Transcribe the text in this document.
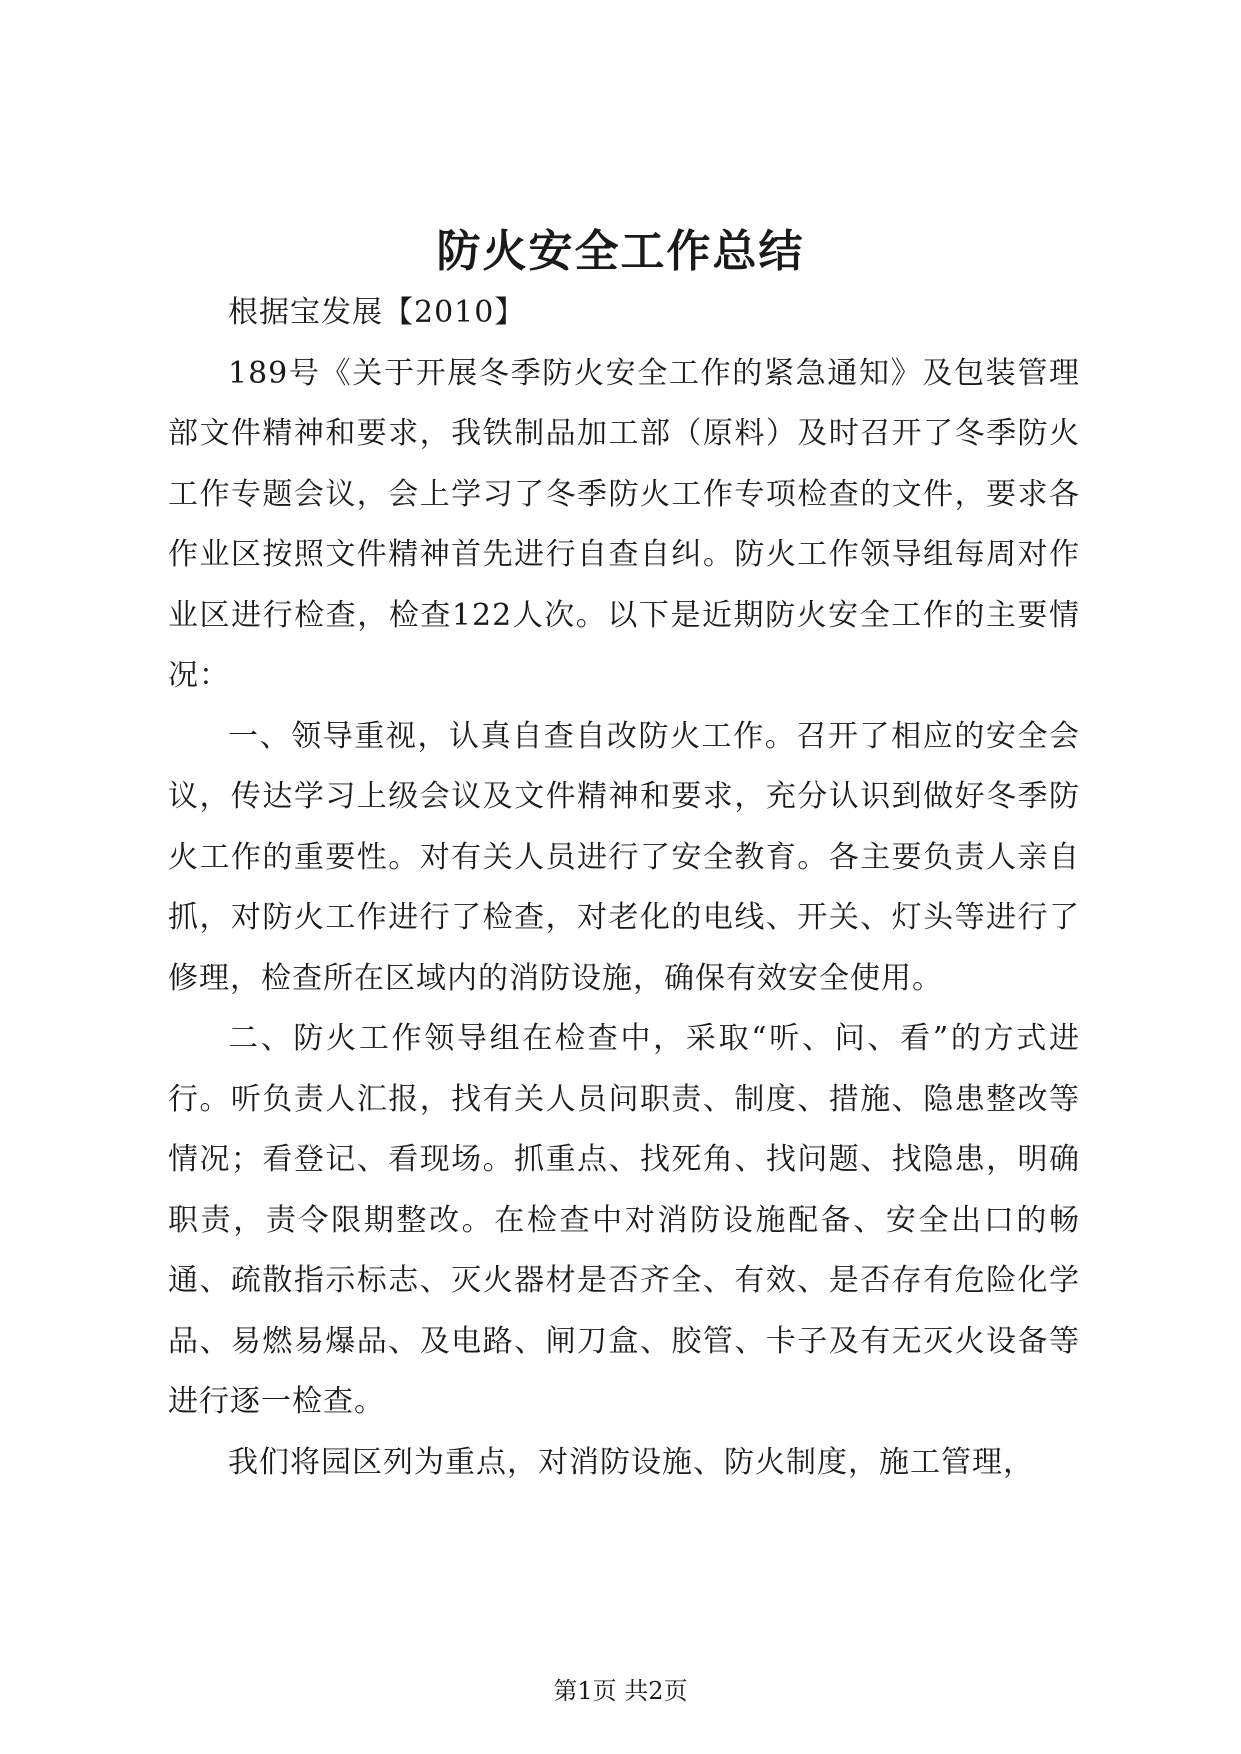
防火安全工作总结

根据宝发展【2010】

189号《关于开展冬季防火安全工作的紧急通知》及包装管理部文件精神和要求，我铁制品加工部（原料）及时召开了冬季防火工作专题会议，会上学习了冬季防火工作专项检查的文件，要求各作业区按照文件精神首先进行自查自纠。防火工作领导组每周对作业区进行检查，检查122人次。以下是近期防火安全工作的主要情况：

一、领导重视，认真自查自改防火工作。召开了相应的安全会议，传达学习上级会议及文件精神和要求，充分认识到做好冬季防火工作的重要性。对有关人员进行了安全教育。各主要负责人亲自抓，对防火工作进行了检查，对老化的电线、开关、灯头等进行了修理，检查所在区域内的消防设施，确保有效安全使用。

二、防火工作领导组在检查中，采取“听、问、看”的方式进行。听负责人汇报，找有关人员问职责、制度、措施、隐患整改等情况；看登记、看现场。抓重点、找死角、找问题、找隐患，明确职责，责令限期整改。在检查中对消防设施配备、安全出口的畅通、疏散指示标志、灭火器材是否齐全、有效、是否存有危险化学品、易燃易爆品、及电路、闸刀盒、胶管、卡子及有无灭火设备等进行逐一检查。

我们将园区列为重点，对消防设施、防火制度，施工管理，

第1页 共2页
